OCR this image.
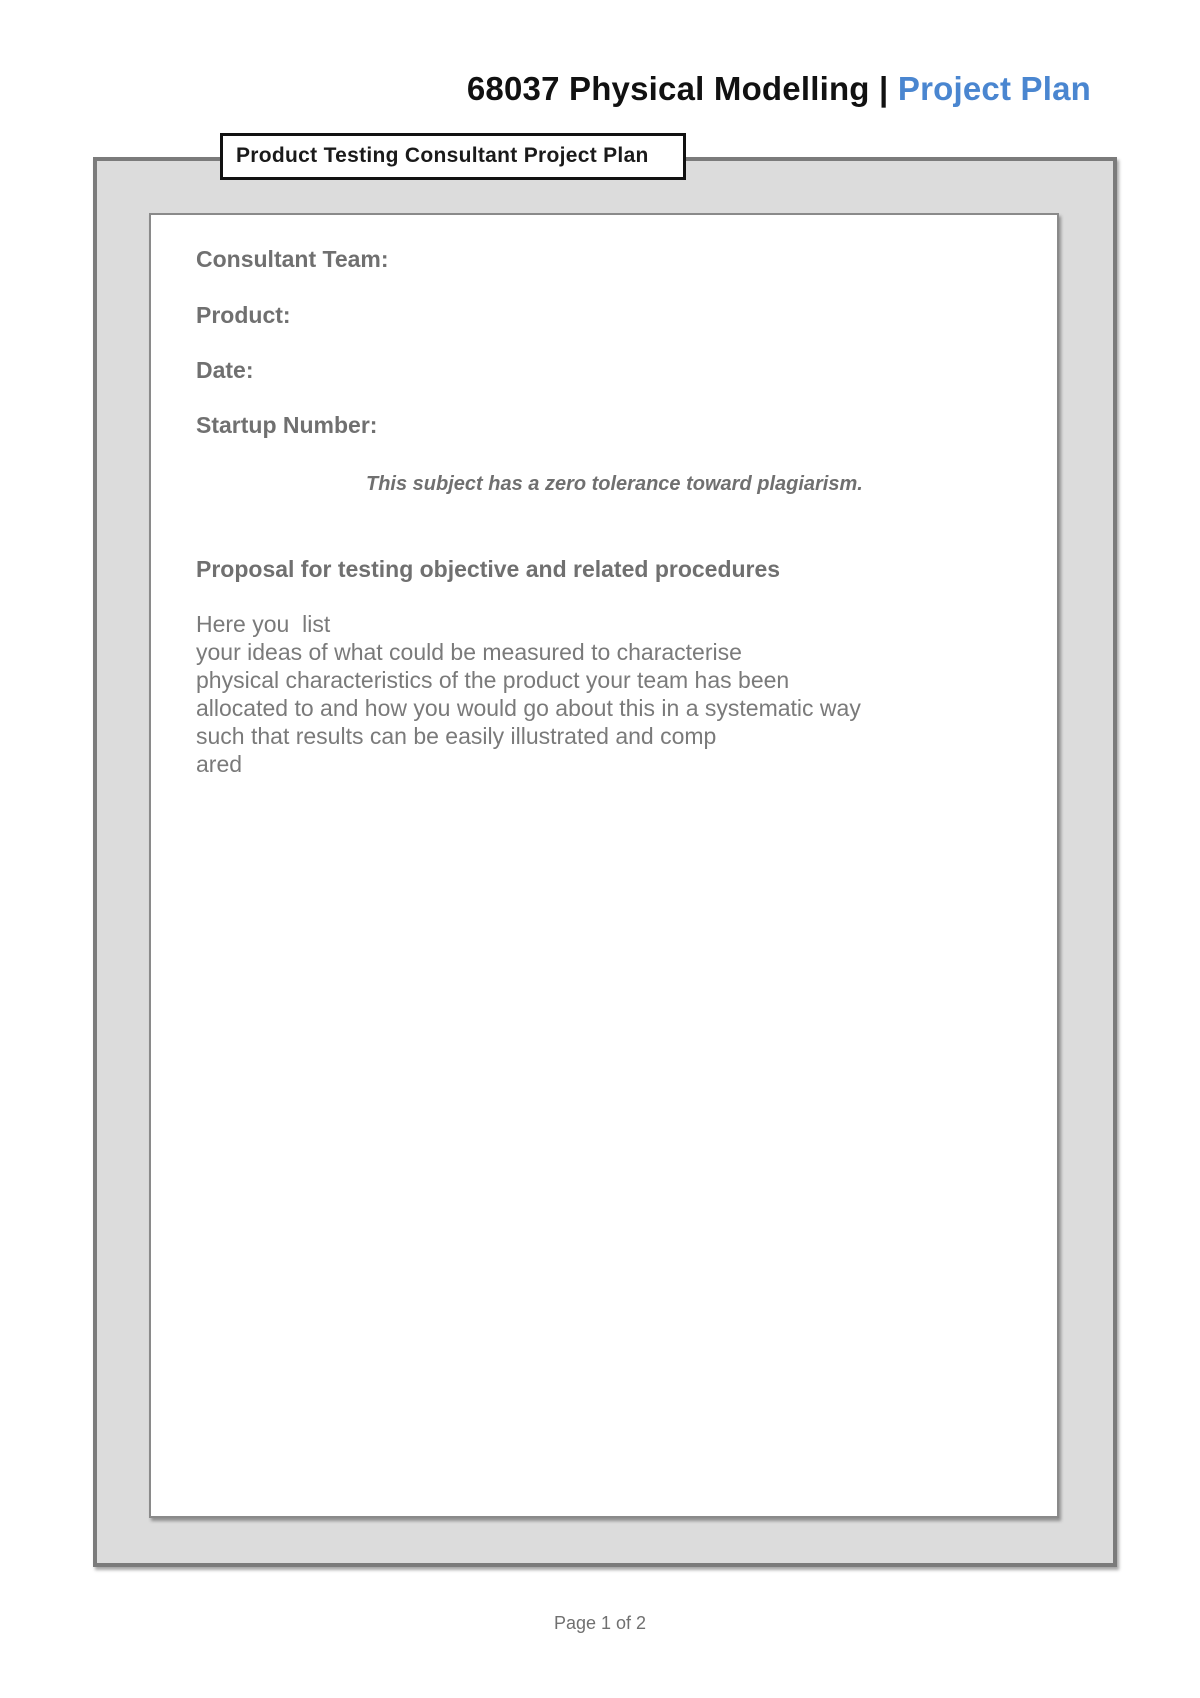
68037 Physical Modelling | Project Plan
Product Testing Consultant Project Plan
Consultant Team:
Product:
Date:
Startup Number:
This subject has a zero tolerance toward plagiarism.
Proposal for testing objective and related procedures
Here you  list
your ideas of what could be measured to characterise
physical characteristics of the product your team has been
allocated to and how you would go about this in a systematic way
such that results can be easily illustrated and comp
ared
Page 1 of 2
